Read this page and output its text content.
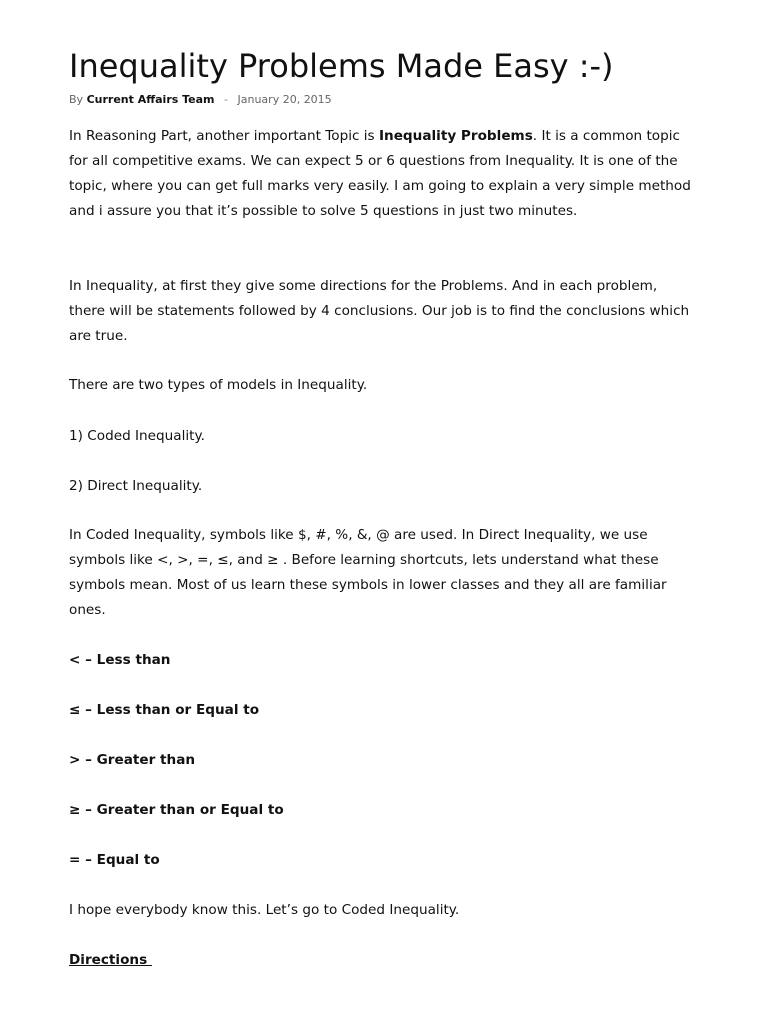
Inequality Problems Made Easy :-)
By Current Affairs Team - January 20, 2015

In Reasoning Part, another important Topic is Inequality Problems. It is a common topic for all competitive exams. We can expect 5 or 6 questions from Inequality. It is one of the topic, where you can get full marks very easily. I am going to explain a very simple method and i assure you that it’s possible to solve 5 questions in just two minutes.

In Inequality, at first they give some directions for the Problems. And in each problem, there will be statements followed by 4 conclusions. Our job is to find the conclusions which are true.

There are two types of models in Inequality.

1) Coded Inequality.

2) Direct Inequality.

In Coded Inequality, symbols like $, #, %, &, @ are used. In Direct Inequality, we use symbols like <, >, =, ≤, and ≥ . Before learning shortcuts, lets understand what these symbols mean. Most of us learn these symbols in lower classes and they all are familiar ones.

< – Less than

≤ – Less than or Equal to

> – Greater than

≥ – Greater than or Equal to

= – Equal to

I hope everybody know this. Let’s go to Coded Inequality.

Directions
